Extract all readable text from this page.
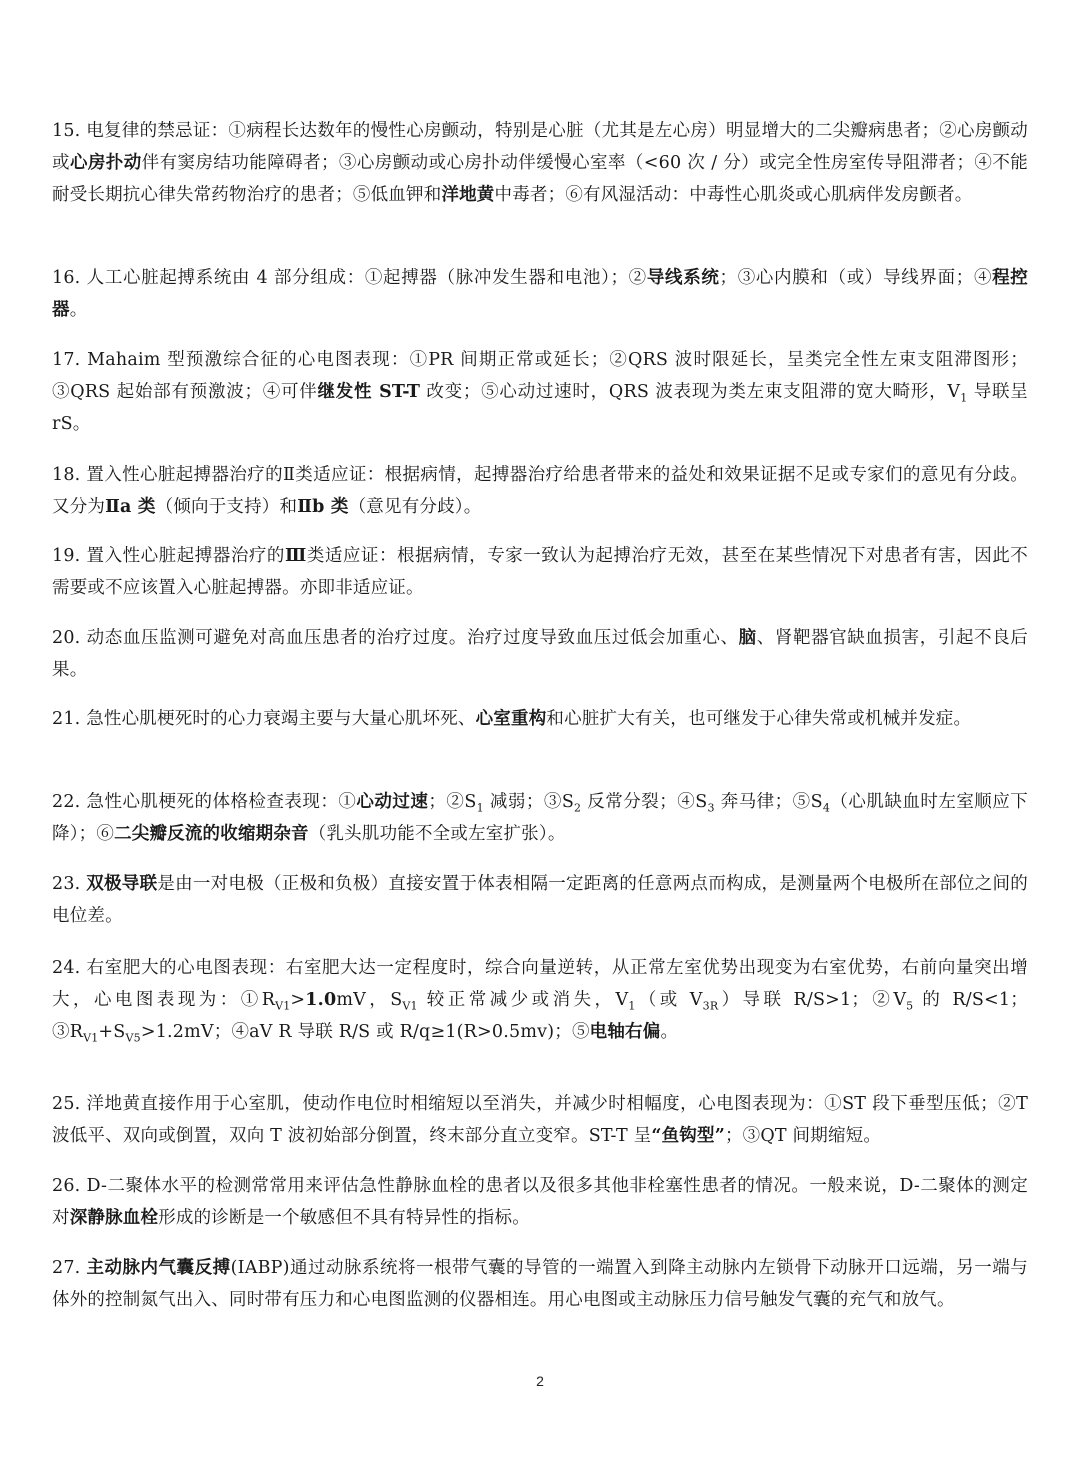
15. 电复律的禁忌证：①病程长达数年的慢性心房颤动，特别是心脏（尤其是左心房）明显增大的二尖瓣病患者；②心房颤动或心房扑动伴有窦房结功能障碍者；③心房颤动或心房扑动伴缓慢心室率（<60 次 / 分）或完全性房室传导阻滞者；④不能耐受长期抗心律失常药物治疗的患者；⑤低血钾和洋地黄中毒者；⑥有风湿活动：中毒性心肌炎或心肌病伴发房颤者。
16. 人工心脏起搏系统由 4 部分组成：①起搏器（脉冲发生器和电池）；②导线系统；③心内膜和（或）导线界面；④程控器。
17. Mahaim 型预激综合征的心电图表现：①PR 间期正常或延长；②QRS 波时限延长，呈类完全性左束支阻滞图形；③QRS 起始部有预激波；④可伴继发性 ST-T 改变；⑤心动过速时，QRS 波表现为类左束支阻滞的宽大畸形，$V_1$ 导联呈 rS。
18. 置入性心脏起搏器治疗的Ⅱ类适应证：根据病情，起搏器治疗给患者带来的益处和效果证据不足或专家们的意见有分歧。又分为Ⅱa 类（倾向于支持）和Ⅱb 类（意见有分歧）。
19. 置入性心脏起搏器治疗的Ⅲ类适应证：根据病情，专家一致认为起搏治疗无效，甚至在某些情况下对患者有害，因此不需要或不应该置入心脏起搏器。亦即非适应证。
20. 动态血压监测可避免对高血压患者的治疗过度。治疗过度导致血压过低会加重心、脑、肾靶器官缺血损害，引起不良后果。
21. 急性心肌梗死时的心力衰竭主要与大量心肌坏死、心室重构和心脏扩大有关，也可继发于心律失常或机械并发症。
22. 急性心肌梗死的体格检查表现：①心动过速；$②S_1$ 减弱；$③S_2$ 反常分裂；$④S_3$ 奔马律；$⑤S_4$（心肌缺血时左室顺应下降）；⑥二尖瓣反流的收缩期杂音（乳头肌功能不全或左室扩张）。
23. 双极导联是由一对电极（正极和负极）直接安置于体表相隔一定距离的任意两点而构成，是测量两个电极所在部位之间的电位差。
24. 右室肥大的心电图表现：右室肥大达一定程度时，综合向量逆转，从正常左室优势出现变为右室优势，右前向量突出增大，心电图表现为：$①R_{V1}>1.0mV$，$S_{V1}$ 较正常减少或消失，$V_1$（或 $V_{3R}$）导联 R/S>1；$②V_5$ 的 R/S<1；$③R_{V1}+S_{V5}>1.2mV$；④aV R 导联 R/S 或 R/q≥1(R>0.5mv)；⑤电轴右偏。
25. 洋地黄直接作用于心室肌，使动作电位时相缩短以至消失，并减少时相幅度，心电图表现为：①ST 段下垂型压低；②T 波低平、双向或倒置，双向 T 波初始部分倒置，终末部分直立变窄。ST-T 呈“鱼钩型”；③QT 间期缩短。
26. D-二聚体水平的检测常常用来评估急性静脉血栓的患者以及很多其他非栓塞性患者的情况。一般来说，D-二聚体的测定对深静脉血栓形成的诊断是一个敏感但不具有特异性的指标。
27. 主动脉内气囊反搏(IABP)通过动脉系统将一根带气囊的导管的一端置入到降主动脉内左锁骨下动脉开口远端，另一端与体外的控制氮气出入、同时带有压力和心电图监测的仪器相连。用心电图或主动脉压力信号触发气囊的充气和放气。
2
